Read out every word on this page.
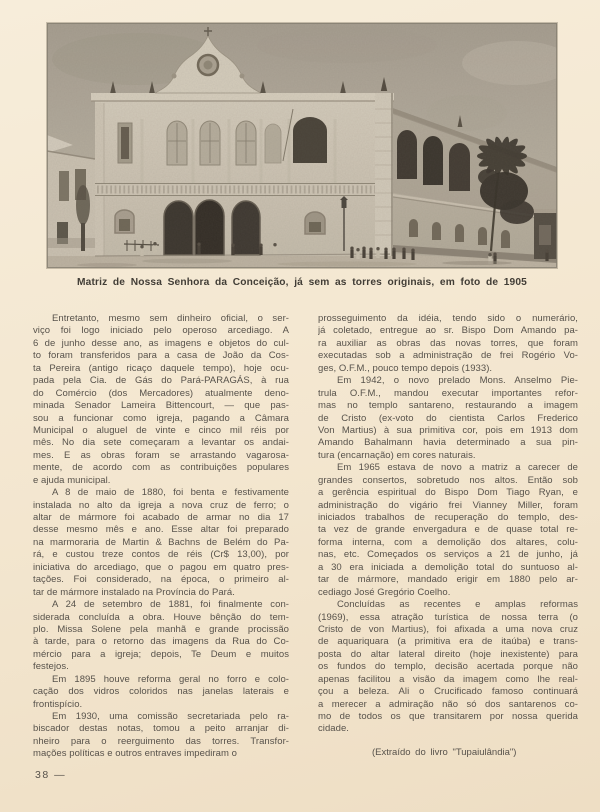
Matriz de Nossa Senhora da Conceição, já sem as torres originais, em foto de 1905
Entretanto, mesmo sem dinheiro oficial, o ser-
viço foi logo iniciado pelo operoso arcediago. A
6 de junho desse ano, as imagens e objetos do cul-
to foram transferidos para a casa de João da Cos-
ta Pereira (antigo ricaço daquele tempo), hoje ocu-
pada pela Cia. de Gás do Pará-PARAGÁS, à rua
do Comércio (dos Mercadores) atualmente deno-
minada Senador Lameira Bittencourt, — que pas-
sou a funcionar como igreja, pagando a Câmara
Municipal o aluguel de vinte e cinco mil réis por
mês. No dia sete começaram a levantar os andai-
mes. E as obras foram se arrastando vagarosa-
mente, de acordo com as contribuições populares
e ajuda municipal.
A 8 de maio de 1880, foi benta e festivamente
instalada no alto da igreja a nova cruz de ferro; o
altar de mármore foi acabado de armar no dia 17
desse mesmo mês e ano. Esse altar foi preparado
na marmoraria de Martin & Bachns de Belém do Pa-
rá, e custou treze contos de réis (Cr$ 13,00), por
iniciativa do arcediago, que o pagou em quatro pres-
tações. Foi considerado, na época, o primeiro al-
tar de mármore instalado na Província do Pará.
A 24 de setembro de 1881, foi finalmente con-
siderada concluída a obra. Houve bênção do tem-
plo. Missa Solene pela manhã e grande procissão
à tarde, para o retorno das imagens da Rua do Co-
mércio para a igreja; depois, Te Deum e muitos
festejos.
Em 1895 houve reforma geral no forro e colo-
cação dos vidros coloridos nas janelas laterais e
frontispício.
Em 1930, uma comissão secretariada pelo ra-
biscador destas notas, tomou a peito arranjar di-
nheiro para o reerguimento das torres. Transfor-
mações políticas e outros entraves impediram o
prosseguimento da idéia, tendo sido o numerário,
já coletado, entregue ao sr. Bispo Dom Amando pa-
ra auxiliar as obras das novas torres, que foram
executadas sob a administração de frei Rogério Vo-
ges, O.F.M., pouco tempo depois (1933).
Em 1942, o novo prelado Mons. Anselmo Pie-
trula O.F.M., mandou executar importantes refor-
mas no templo santareno, restaurando a imagem
de Cristo (ex-voto do cientista Carlos Frederico
Von Martius) à sua primitiva cor, pois em 1913 dom
Amando Bahalmann havia determinado a sua pin-
tura (encarnação) em cores naturais.
Em 1965 estava de novo a matriz a carecer de
grandes consertos, sobretudo nos altos. Então sob
a gerência espiritual do Bispo Dom Tiago Ryan, e
administração do vigário frei Vianney Miller, foram
iniciados trabalhos de recuperação do templo, des-
ta vez de grande envergadura e de quase total re-
forma interna, com a demolição dos altares, colu-
nas, etc. Começados os serviços a 21 de junho, já
a 30 era iniciada a demolição total do suntuoso al-
tar de mármore, mandado erigir em 1880 pelo ar-
cediago José Gregório Coelho.
Concluídas as recentes e amplas reformas
(1969), essa atração turística de nossa terra (o
Cristo de von Martius), foi afixada a uma nova cruz
de aquariquara (a primitiva era de itaúba) e trans-
posta do altar lateral direito (hoje inexistente) para
os fundos do templo, decisão acertada porque não
apenas facilitou a visão da imagem como lhe real-
çou a beleza. Ali o Crucificado famoso continuará
a merecer a admiração não só dos santarenos co-
mo de todos os que transitarem por nossa querida
cidade.
(Extraído do livro "Tupaiulândia")
38 —
